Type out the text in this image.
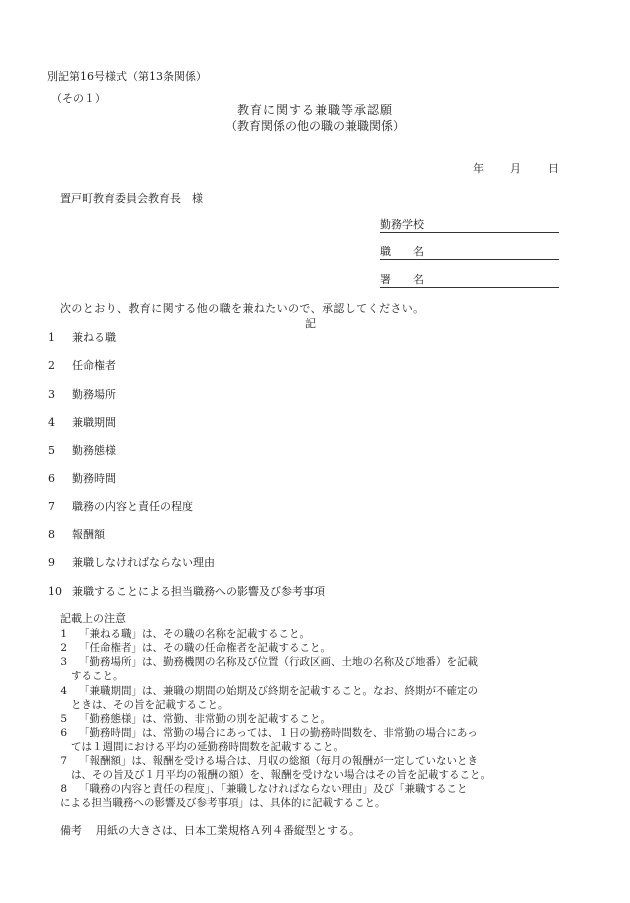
別記第16号様式（第13条関係）
（その１）
教育に関する兼職等承認願
（教育関係の他の職の兼職関係）
年 月 日
置戸町教育委員会教育長　様
勤務学校
職　　名
署　　名
次のとおり、教育に関する他の職を兼ねたいので、承認してください。
記
1 兼ねる職
2 任命権者
3 勤務場所
4 兼職期間
5 勤務態様
6 勤務時間
7 職務の内容と責任の程度
8 報酬額
9 兼職しなければならない理由
10 兼職することによる担当職務への影響及び参考事項
記載上の注意
1 「兼ねる職」は、その職の名称を記載すること。
2 「任命権者」は、その職の任命権者を記載すること。
3 「勤務場所」は、勤務機関の名称及び位置（行政区画、土地の名称及び地番）を記載
すること。
4 「兼職期間」は、兼職の期間の始期及び終期を記載すること。なお、終期が不確定の
ときは、その旨を記載すること。
5 「勤務態様」は、常勤、非常勤の別を記載すること。
6 「勤務時間」は、常勤の場合にあっては、１日の勤務時間数を、非常勤の場合にあっ
ては１週間における平均の延勤務時間数を記載すること。
7 「報酬額」は、報酬を受ける場合は、月収の総額（毎月の報酬が一定していないとき
は、その旨及び１月平均の報酬の額）を、報酬を受けない場合はその旨を記載すること。
8 「職務の内容と責任の程度」、「兼職しなければならない理由」及び「兼職すること
による担当職務への影響及び参考事項」は、具体的に記載すること。
備考 用紙の大きさは、日本工業規格Ａ列４番縦型とする。
